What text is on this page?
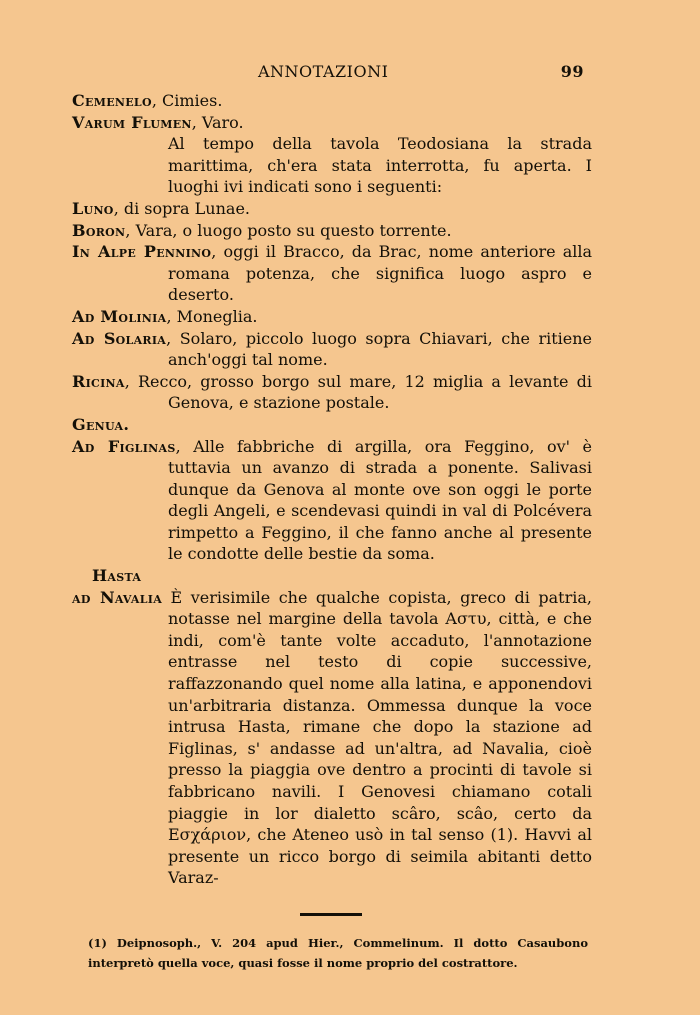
ANNOTAZIONI	99

Cemenelo, Cimies.

Varum Flumen, Varo.

Al tempo della tavola Teodosiana la strada marittima, ch'era stata interrotta, fu aperta. I luoghi ivi indicati sono i seguenti:

Luno, di sopra Lunae.

Boron, Vara, o luogo posto su questo torrente.

In Alpe Pennino, oggi il Bracco, da Brac, nome anteriore alla romana potenza, che significa luogo aspro e deserto.

Ad Molinia, Moneglia.

Ad Solaria, Solaro, piccolo luogo sopra Chiavari, che ritiene anch'oggi tal nome.

Ricina, Recco, grosso borgo sul mare, 12 miglia a levante di Genova, e stazione postale.

Genua.

Ad Figlinas, Alle fabbriche di argilla, ora Feggino, ov' è tuttavia un avanzo di strada a ponente. Salivasi dunque da Genova al monte ove son oggi le porte degli Angeli, e scendevasi quindi in val di Polcévera rimpetto a Feggino, il che fanno anche al presente le condotte delle bestie da soma.

Hasta

ad Navalia È verisimile che qualche copista, greco di patria, notasse nel margine della tavola Αστυ, città, e che indi, com'è tante volte accaduto, l'annotazione entrasse nel testo di copie successive, raffazzonando quel nome alla latina, e apponendovi un'arbitraria distanza. Ommessa dunque la voce intrusa Hasta, rimane che dopo la stazione ad Figlinas, s' andasse ad un'altra, ad Navalia, cioè presso la piaggia ove dentro a procinti di tavole si fabbricano navili. I Genovesi chiamano cotali piaggie in lor dialetto scâro, scâo, certo da Εσχάριον, che Ateneo usò in tal senso (1). Havvi al presente un ricco borgo di seimila abitanti detto Varaz-

(1) Deipnosoph., V. 204 apud Hier., Commelinum. Il dotto Casaubono interpretò quella voce, quasi fosse il nome proprio del costrattore.
